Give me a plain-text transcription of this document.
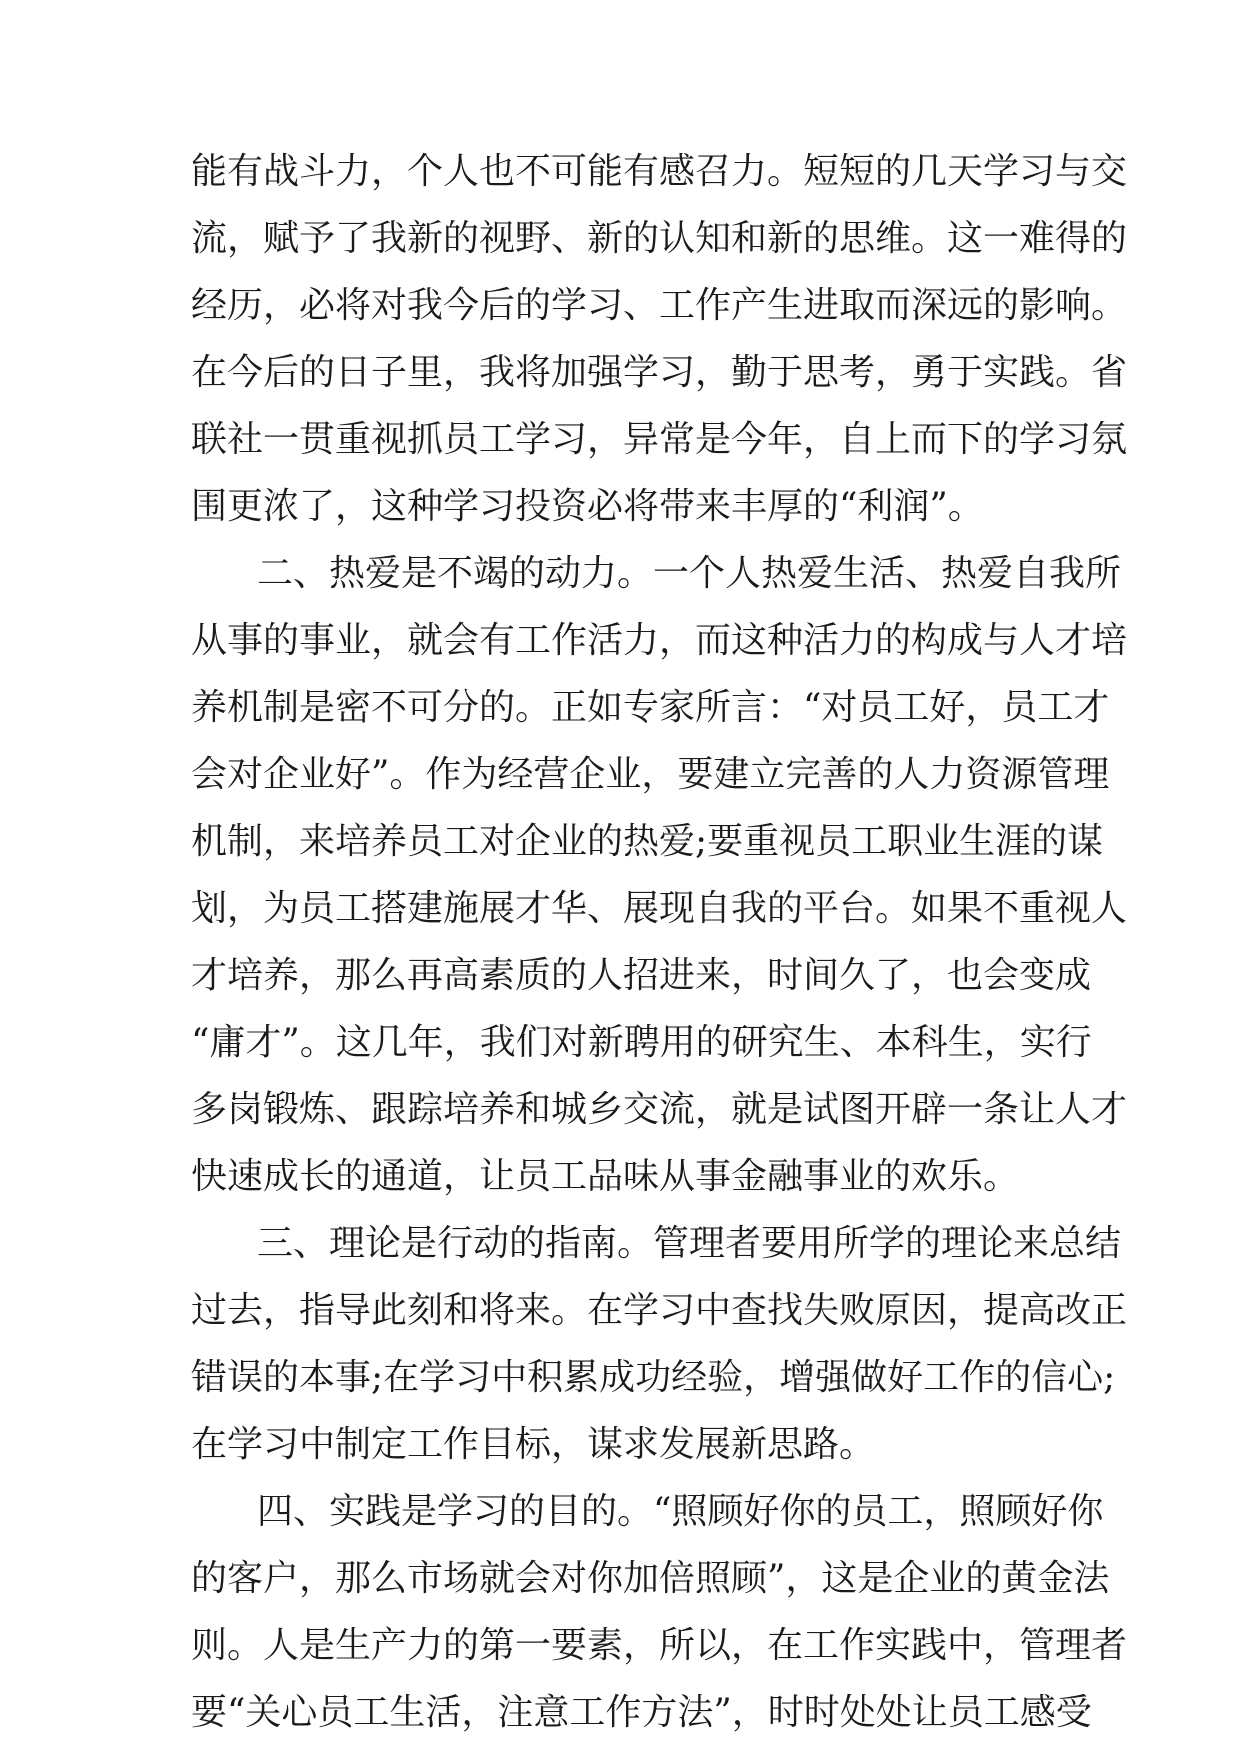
能有战斗力，个人也不可能有感召力。短短的几天学习与交
流，赋予了我新的视野、新的认知和新的思维。这一难得的
经历，必将对我今后的学习、工作产生进取而深远的影响。
在今后的日子里，我将加强学习，勤于思考，勇于实践。省
联社一贯重视抓员工学习，异常是今年，自上而下的学习氛
围更浓了，这种学习投资必将带来丰厚的“利润”。
二、热爱是不竭的动力。一个人热爱生活、热爱自我所
从事的事业，就会有工作活力，而这种活力的构成与人才培
养机制是密不可分的。正如专家所言：“对员工好，员工才
会对企业好”。作为经营企业，要建立完善的人力资源管理
机制，来培养员工对企业的热爱;要重视员工职业生涯的谋
划，为员工搭建施展才华、展现自我的平台。如果不重视人
才培养，那么再高素质的人招进来，时间久了，也会变成
“庸才”。这几年，我们对新聘用的研究生、本科生，实行
多岗锻炼、跟踪培养和城乡交流，就是试图开辟一条让人才
快速成长的通道，让员工品味从事金融事业的欢乐。
三、理论是行动的指南。管理者要用所学的理论来总结
过去，指导此刻和将来。在学习中查找失败原因，提高改正
错误的本事;在学习中积累成功经验，增强做好工作的信心;
在学习中制定工作目标，谋求发展新思路。
四、实践是学习的目的。“照顾好你的员工，照顾好你
的客户，那么市场就会对你加倍照顾”，这是企业的黄金法
则。人是生产力的第一要素，所以，在工作实践中，管理者
要“关心员工生活，注意工作方法”，时时处处让员工感受
